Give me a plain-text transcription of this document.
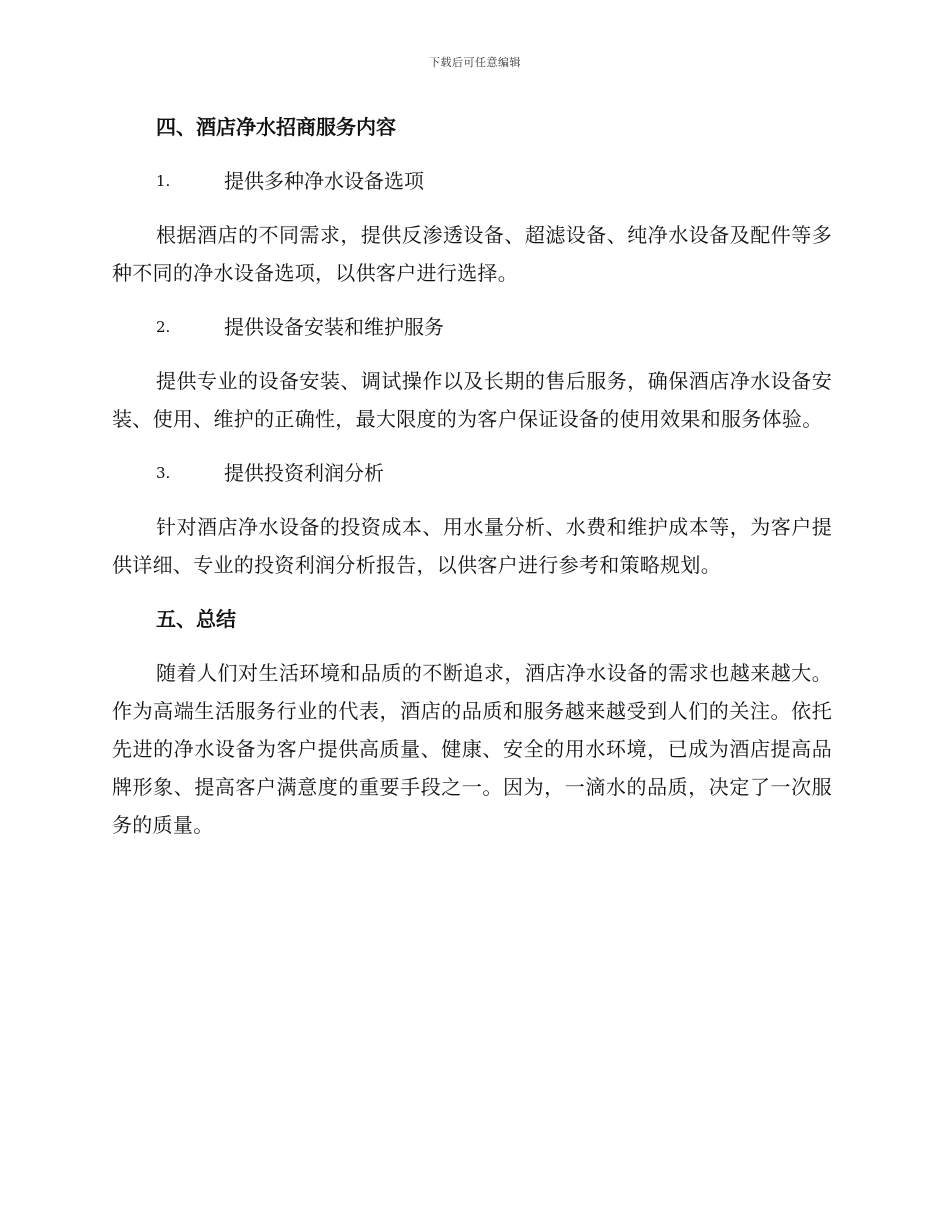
下载后可任意编辑
四、酒店净水招商服务内容
1.	提供多种净水设备选项

根据酒店的不同需求，提供反渗透设备、超滤设备、纯净水设备及配件等多种不同的净水设备选项，以供客户进行选择。

2.	提供设备安装和维护服务

提供专业的设备安装、调试操作以及长期的售后服务，确保酒店净水设备安装、使用、维护的正确性，最大限度的为客户保证设备的使用效果和服务体验。

3.	提供投资利润分析

针对酒店净水设备的投资成本、用水量分析、水费和维护成本等，为客户提供详细、专业的投资利润分析报告，以供客户进行参考和策略规划。

五、总结

随着人们对生活环境和品质的不断追求，酒店净水设备的需求也越来越大。作为高端生活服务行业的代表，酒店的品质和服务越来越受到人们的关注。依托先进的净水设备为客户提供高质量、健康、安全的用水环境，已成为酒店提高品牌形象、提高客户满意度的重要手段之一。因为，一滴水的品质，决定了一次服务的质量。
